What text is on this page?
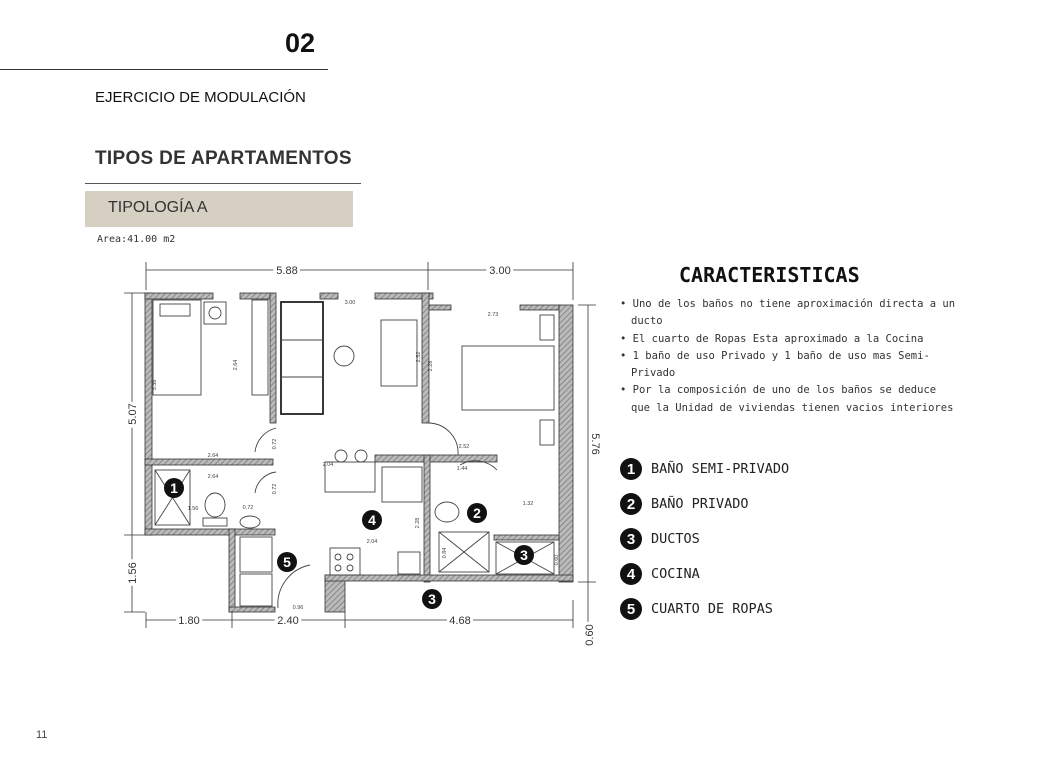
02
EJERCICIO DE MODULACIÓN
TIPOS DE APARTAMENTOS
TIPOLOGÍA A
Area:41.00 m2
5.88	3.00
5.07
1.56
1.80	2.40	4.68
5.76
0.60
3.00
2.73
2.64
3.36
2.52
2.28
2.64
2.04
0.72
0.72
2.52
1.44
1.32
2.64
1.56	0.72
2.28
2.04
0.84
0.60
0.96
1
2
3
3
4
5
CARACTERISTICAS
• Uno de los baños no tiene aproximación directa a un ducto
• El cuarto de Ropas Esta aproximado a la Cocina
• 1 baño de uso Privado y 1 baño de uso mas Semi-Privado
• Por la composición de uno de los baños se deduce que la Unidad de viviendas tienen vacios interiores
1	BAÑO SEMI-PRIVADO
2	BAÑO PRIVADO
3	DUCTOS
4	COCINA
5	CUARTO DE ROPAS
11
